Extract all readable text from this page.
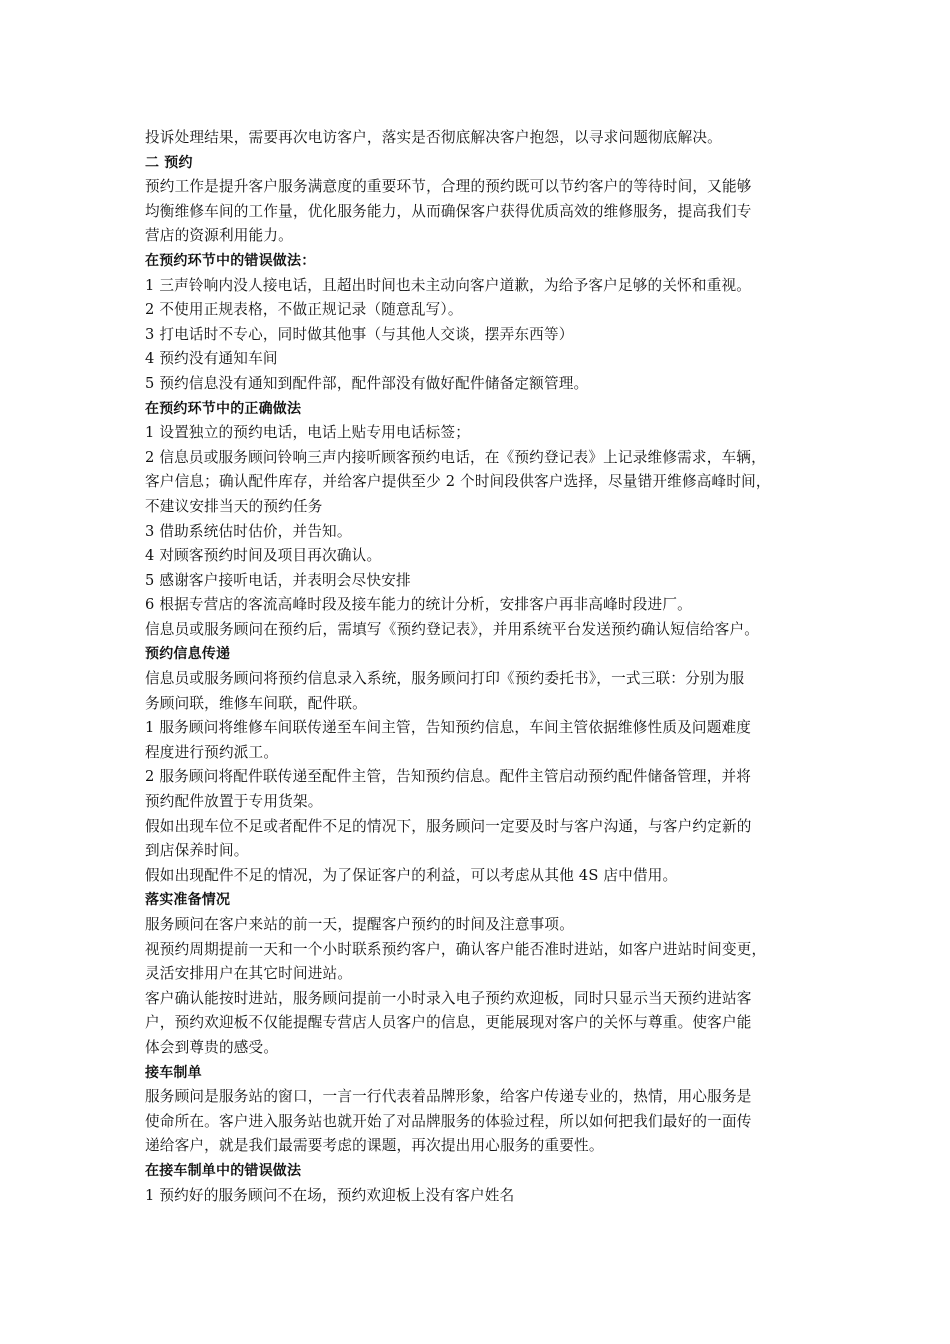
投诉处理结果，需要再次电访客户，落实是否彻底解决客户抱怨，以寻求问题彻底解决。
二 预约
预约工作是提升客户服务满意度的重要环节，合理的预约既可以节约客户的等待时间，又能够
均衡维修车间的工作量，优化服务能力，从而确保客户获得优质高效的维修服务，提高我们专
营店的资源利用能力。
在预约环节中的错误做法：
1 三声铃响内没人接电话，且超出时间也未主动向客户道歉，为给予客户足够的关怀和重视。
2 不使用正规表格，不做正规记录（随意乱写）。
3 打电话时不专心，同时做其他事（与其他人交谈，摆弄东西等）
4 预约没有通知车间
5 预约信息没有通知到配件部，配件部没有做好配件储备定额管理。
在预约环节中的正确做法
1 设置独立的预约电话，电话上贴专用电话标签；
2 信息员或服务顾问铃响三声内接听顾客预约电话，在《预约登记表》上记录维修需求，车辆，
客户信息；确认配件库存，并给客户提供至少 2 个时间段供客户选择，尽量错开维修高峰时间，
不建议安排当天的预约任务
3 借助系统估时估价，并告知。
4 对顾客预约时间及项目再次确认。
5 感谢客户接听电话，并表明会尽快安排
6 根据专营店的客流高峰时段及接车能力的统计分析，安排客户再非高峰时段进厂。
信息员或服务顾问在预约后，需填写《预约登记表》，并用系统平台发送预约确认短信给客户。
预约信息传递
信息员或服务顾问将预约信息录入系统，服务顾问打印《预约委托书》，一式三联：分别为服
务顾问联，维修车间联，配件联。
1 服务顾问将维修车间联传递至车间主管，告知预约信息，车间主管依据维修性质及问题难度
程度进行预约派工。
2 服务顾问将配件联传递至配件主管，告知预约信息。配件主管启动预约配件储备管理，并将
预约配件放置于专用货架。
假如出现车位不足或者配件不足的情况下，服务顾问一定要及时与客户沟通，与客户约定新的
到店保养时间。
假如出现配件不足的情况，为了保证客户的利益，可以考虑从其他 4S 店中借用。
落实准备情况
服务顾问在客户来站的前一天，提醒客户预约的时间及注意事项。
视预约周期提前一天和一个小时联系预约客户，确认客户能否准时进站，如客户进站时间变更，
灵活安排用户在其它时间进站。
客户确认能按时进站，服务顾问提前一小时录入电子预约欢迎板，同时只显示当天预约进站客
户，预约欢迎板不仅能提醒专营店人员客户的信息，更能展现对客户的关怀与尊重。使客户能
体会到尊贵的感受。
接车制单
服务顾问是服务站的窗口，一言一行代表着品牌形象，给客户传递专业的，热情，用心服务是
使命所在。客户进入服务站也就开始了对品牌服务的体验过程，所以如何把我们最好的一面传
递给客户，就是我们最需要考虑的课题，再次提出用心服务的重要性。
在接车制单中的错误做法
1 预约好的服务顾问不在场，预约欢迎板上没有客户姓名
